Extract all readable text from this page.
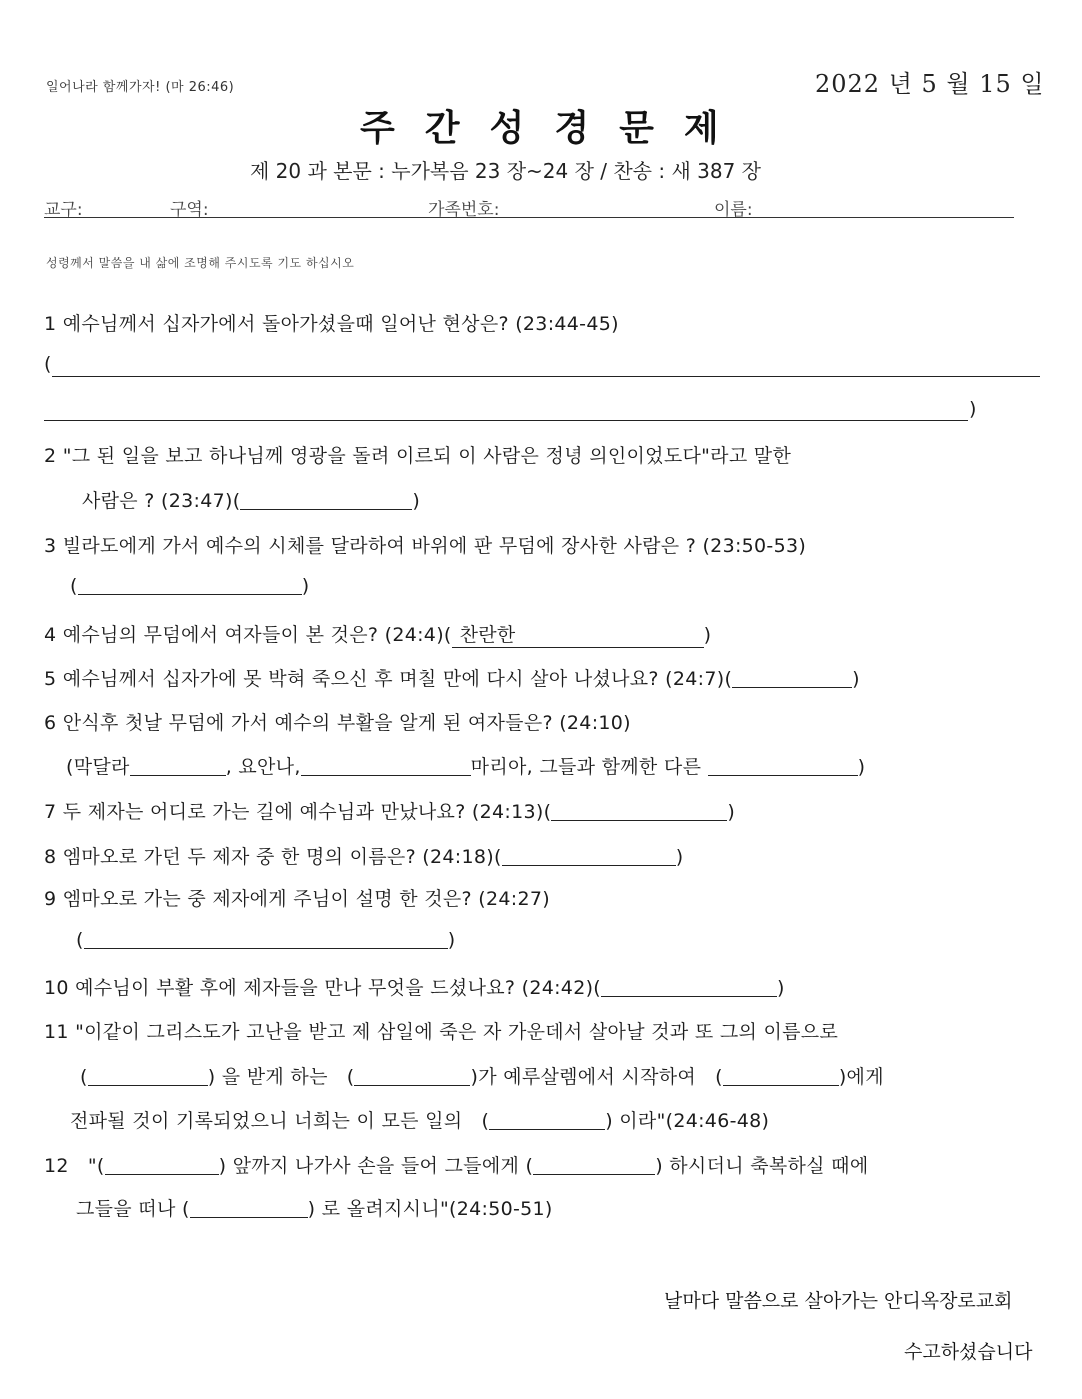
일어나라 함께가자! (마 26:46)	2022 년 5 월 15 일
주간성경문제
제 20 과 본문 : 누가복음 23 장~24 장 / 찬송 : 새 387 장
교구:	구역:	가족번호:	이름:
성령께서 말씀을 내 삶에 조명해 주시도록 기도 하십시오
1 예수님께서 십자가에서 돌아가셨을때 일어난 현상은? (23:44-45)
(
)
2 "그 된 일을 보고 하나님께 영광을 돌려 이르되 이 사람은 정녕 의인이었도다"라고 말한
사람은 ? (23:47)(	)
3 빌라도에게 가서 예수의 시체를 달라하여 바위에 판 무덤에 장사한 사람은 ? (23:50-53)
(	)
4 예수님의 무덤에서 여자들이 본 것은? (24:4)( 찬란한	)
5 예수님께서 십자가에 못 박혀 죽으신 후 며칠 만에 다시 살아 나셨나요? (24:7)(	)
6 안식후 첫날 무덤에 가서 예수의 부활을 알게 된 여자들은? (24:10)
(막달라	, 요안나,	마리아, 그들과 함께한 다른	)
7 두 제자는 어디로 가는 길에 예수님과 만났나요? (24:13)(	)
8 엠마오로 가던 두 제자 중 한 명의 이름은? (24:18)(	)
9 엠마오로 가는 중 제자에게 주님이 설명 한 것은? (24:27)
(	)
10 예수님이 부활 후에 제자들을 만나 무엇을 드셨나요? (24:42)(	)
11 "이같이 그리스도가 고난을 받고 제 삼일에 죽은 자 가운데서 살아날 것과 또 그의 이름으로
(	) 을 받게 하는 (	)가 예루살렘에서 시작하여 (	)에게
전파될 것이 기록되었으니 너희는 이 모든 일의 (	) 이라"(24:46-48)
12 "(	) 앞까지 나가사 손을 들어 그들에게 (	) 하시더니 축복하실 때에
그들을 떠나 (	) 로 올려지시니"(24:50-51)
날마다 말씀으로 살아가는 안디옥장로교회
수고하셨습니다
